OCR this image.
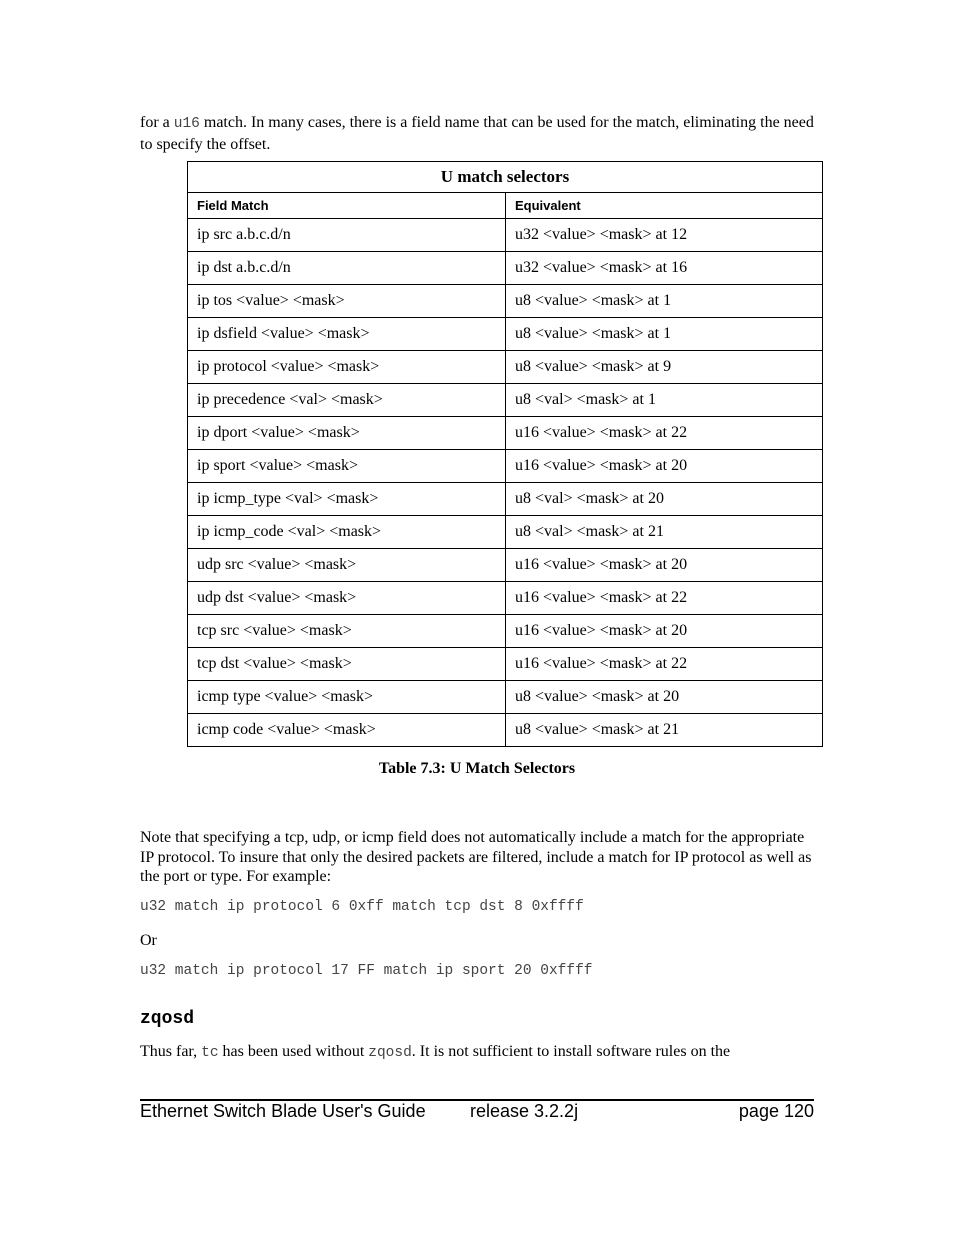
for a u16 match. In many cases, there is a field name that can be used for the match, eliminating the need to specify the offset.
U match selectors	
Field Match	Equivalent
ip src a.b.c.d/n	u32 <value> <mask> at 12
ip dst a.b.c.d/n	u32 <value> <mask> at 16
ip tos <value> <mask>	u8 <value> <mask> at 1
ip dsfield <value> <mask>	u8 <value> <mask> at 1
ip protocol <value> <mask>	u8 <value> <mask> at 9
ip precedence <val> <mask>	u8 <val> <mask> at 1
ip dport <value> <mask>	u16 <value> <mask> at 22
ip sport <value> <mask>	u16 <value> <mask> at 20
ip icmp_type <val> <mask>	u8 <val> <mask> at 20
ip icmp_code <val> <mask>	u8 <val> <mask> at 21
udp src <value> <mask>	u16 <value> <mask> at 20
udp dst <value> <mask>	u16 <value> <mask> at 22
tcp src <value> <mask>	u16 <value> <mask> at 20
tcp dst <value> <mask>	u16 <value> <mask> at 22
icmp type <value> <mask>	u8 <value> <mask> at 20
icmp code <value> <mask>	u8 <value> <mask> at 21
Table 7.3: U Match Selectors
Note that specifying a tcp, udp, or icmp field does not automatically include a match for the appropriate IP protocol. To insure that only the desired packets are filtered, include a match for IP protocol as well as the port or type. For example:
u32 match ip protocol 6 0xff match tcp dst 8 0xffff
Or
u32 match ip protocol 17 FF match ip sport 20 0xffff
zqosd
Thus far, tc has been used without zqosd. It is not sufficient to install software rules on the
Ethernet Switch Blade User's Guide release 3.2.2j	page 120
